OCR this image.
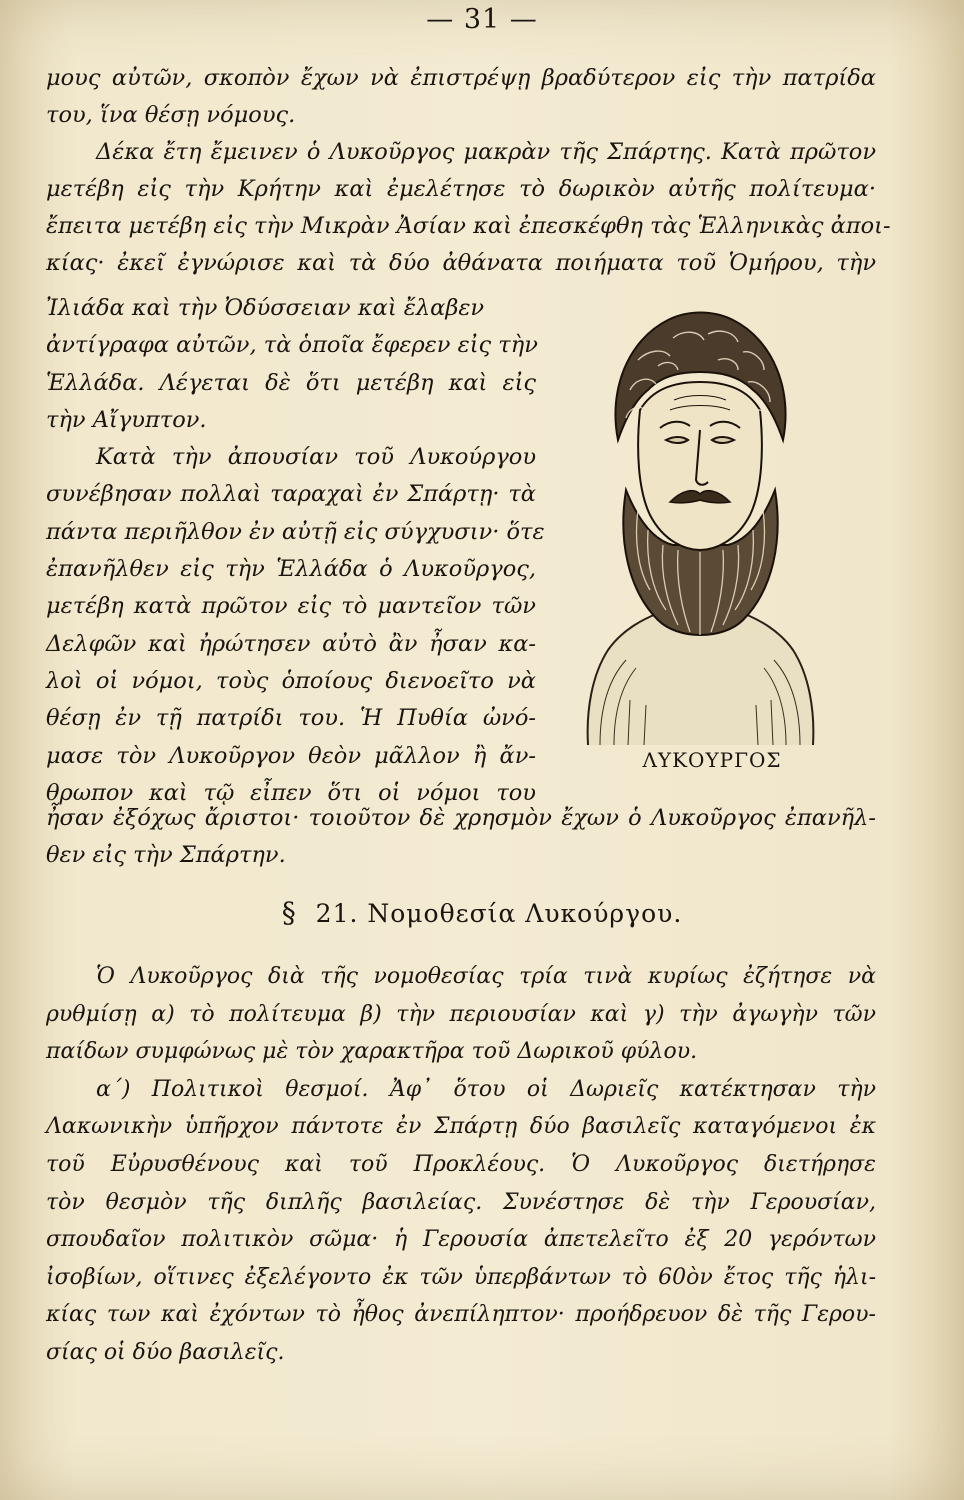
— 31 —
μους αὐτῶν, σκοπὸν ἔχων νὰ ἐπιστρέψῃ βραδύτερον εἰς τὴν πατρίδα
του, ἵνα θέσῃ νόμους.
Δέκα ἔτη ἔμεινεν ὁ Λυκοῦργος μακρὰν τῆς Σπάρτης. Κατὰ πρῶτον
μετέβη εἰς τὴν Κρήτην καὶ ἐμελέτησε τὸ δωρικὸν αὐτῆς πολίτευμα·
ἔπειτα μετέβη εἰς τὴν Μικρὰν Ἀσίαν καὶ ἐπεσκέφθη τὰς Ἑλληνικὰς ἀποι-
κίας· ἐκεῖ ἐγνώρισε καὶ τὰ δύο ἀθάνατα ποιήματα τοῦ Ὁμήρου, τὴν
Ἰλιάδα καὶ τὴν Ὀδύσσειαν καὶ ἔλαβεν
ἀντίγραφα αὐτῶν, τὰ ὁποῖα ἔφερεν εἰς τὴν
Ἑλλάδα. Λέγεται δὲ ὅτι μετέβη καὶ εἰς
τὴν Αἴγυπτον.
Κατὰ τὴν ἀπουσίαν τοῦ Λυκούργου
συνέβησαν πολλαὶ ταραχαὶ ἐν Σπάρτῃ· τὰ
πάντα περιῆλθον ἐν αὐτῇ εἰς σύγχυσιν· ὅτε
ἐπανῆλθεν εἰς τὴν Ἑλλάδα ὁ Λυκοῦργος,
μετέβη κατὰ πρῶτον εἰς τὸ μαντεῖον τῶν
Δελφῶν καὶ ἠρώτησεν αὐτὸ ἂν ἦσαν κα-
λοὶ οἱ νόμοι, τοὺς ὁποίους διενοεῖτο νὰ
θέσῃ ἐν τῇ πατρίδι του. Ἡ Πυθία ὠνό-
μασε τὸν Λυκοῦργον θεὸν μᾶλλον ἢ ἄν-
θρωπον καὶ τῷ εἶπεν ὅτι οἱ νόμοι του
ΛΥΚΟΥΡΓΟΣ
ἦσαν ἐξόχως ἄριστοι· τοιοῦτον δὲ χρησμὸν ἔχων ὁ Λυκοῦργος ἐπανῆλ-
θεν εἰς τὴν Σπάρτην.
§ 21. Νομοθεσία Λυκούργου.
Ὁ Λυκοῦργος διὰ τῆς νομοθεσίας τρία τινὰ κυρίως ἐζήτησε νὰ
ρυθμίσῃ α) τὸ πολίτευμα β) τὴν περιουσίαν καὶ γ) τὴν ἀγωγὴν τῶν
παίδων συμφώνως μὲ τὸν χαρακτῆρα τοῦ Δωρικοῦ φύλου.
α΄) Πολιτικοὶ θεσμοί. Ἀφ᾽ ὅτου οἱ Δωριεῖς κατέκτησαν τὴν
Λακωνικὴν ὑπῆρχον πάντοτε ἐν Σπάρτῃ δύο βασιλεῖς καταγόμενοι ἐκ
τοῦ Εὐρυσθένους καὶ τοῦ Προκλέους. Ὁ Λυκοῦργος διετήρησε
τὸν θεσμὸν τῆς διπλῆς βασιλείας. Συνέστησε δὲ τὴν Γερουσίαν,
σπουδαῖον πολιτικὸν σῶμα· ἡ Γερουσία ἀπετελεῖτο ἐξ 20 γερόντων
ἰσοβίων, οἵτινες ἐξελέγοντο ἐκ τῶν ὑπερβάντων τὸ 60ὸν ἔτος τῆς ἡλι-
κίας των καὶ ἐχόντων τὸ ἦθος ἀνεπίληπτον· προήδρευον δὲ τῆς Γερου-
σίας οἱ δύο βασιλεῖς.
